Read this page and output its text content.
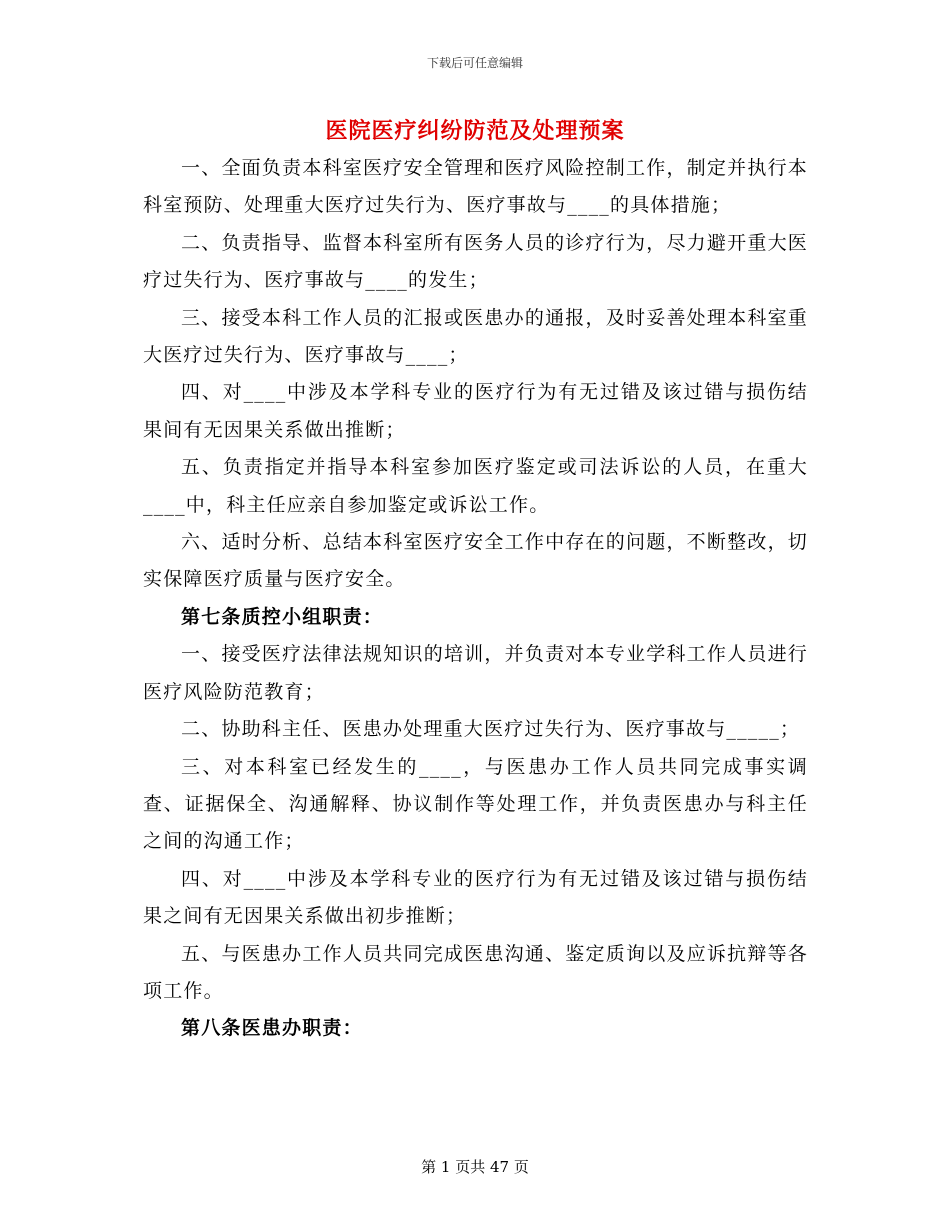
下载后可任意编辑
医院医疗纠纷防范及处理预案

一、全面负责本科室医疗安全管理和医疗风险控制工作，制定并执行本科室预防、处理重大医疗过失行为、医疗事故与____的具体措施；

二、负责指导、监督本科室所有医务人员的诊疗行为，尽力避开重大医疗过失行为、医疗事故与____的发生；

三、接受本科工作人员的汇报或医患办的通报，及时妥善处理本科室重大医疗过失行为、医疗事故与____；

四、对____中涉及本学科专业的医疗行为有无过错及该过错与损伤结果间有无因果关系做出推断；

五、负责指定并指导本科室参加医疗鉴定或司法诉讼的人员，在重大____中，科主任应亲自参加鉴定或诉讼工作。

六、适时分析、总结本科室医疗安全工作中存在的问题，不断整改，切实保障医疗质量与医疗安全。

第七条质控小组职责：

一、接受医疗法律法规知识的培训，并负责对本专业学科工作人员进行医疗风险防范教育；

二、协助科主任、医患办处理重大医疗过失行为、医疗事故与_____；

三、对本科室已经发生的____，与医患办工作人员共同完成事实调查、证据保全、沟通解释、协议制作等处理工作，并负责医患办与科主任之间的沟通工作；

四、对____中涉及本学科专业的医疗行为有无过错及该过错与损伤结果之间有无因果关系做出初步推断；

五、与医患办工作人员共同完成医患沟通、鉴定质询以及应诉抗辩等各项工作。

第八条医患办职责：

第 1 页共 47 页
